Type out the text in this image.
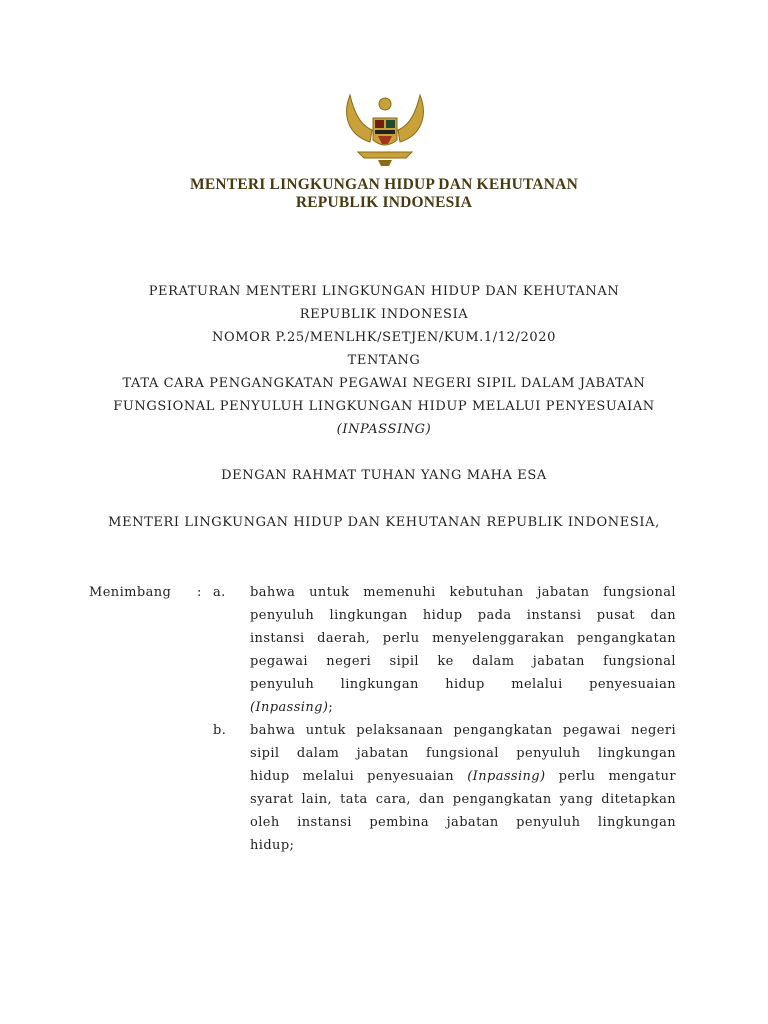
MENTERI LINGKUNGAN HIDUP DAN KEHUTANAN
REPUBLIK INDONESIA
PERATURAN MENTERI LINGKUNGAN HIDUP DAN KEHUTANAN
REPUBLIK INDONESIA
NOMOR P.25/MENLHK/SETJEN/KUM.1/12/2020
TENTANG
TATA CARA PENGANGKATAN PEGAWAI NEGERI SIPIL DALAM JABATAN
FUNGSIONAL PENYULUH LINGKUNGAN HIDUP MELALUI PENYESUAIAN
(INPASSING)
DENGAN RAHMAT TUHAN YANG MAHA ESA
MENTERI LINGKUNGAN HIDUP DAN KEHUTANAN REPUBLIK INDONESIA,
Menimbang : a. bahwa untuk memenuhi kebutuhan jabatan fungsional
penyuluh lingkungan hidup pada instansi pusat dan
instansi daerah, perlu menyelenggarakan pengangkatan
pegawai negeri sipil ke dalam jabatan fungsional
penyuluh lingkungan hidup melalui penyesuaian
(Inpassing);
b. bahwa untuk pelaksanaan pengangkatan pegawai negeri
sipil dalam jabatan fungsional penyuluh lingkungan
hidup melalui penyesuaian (Inpassing) perlu mengatur
syarat lain, tata cara, dan pengangkatan yang ditetapkan
oleh instansi pembina jabatan penyuluh lingkungan
hidup;
